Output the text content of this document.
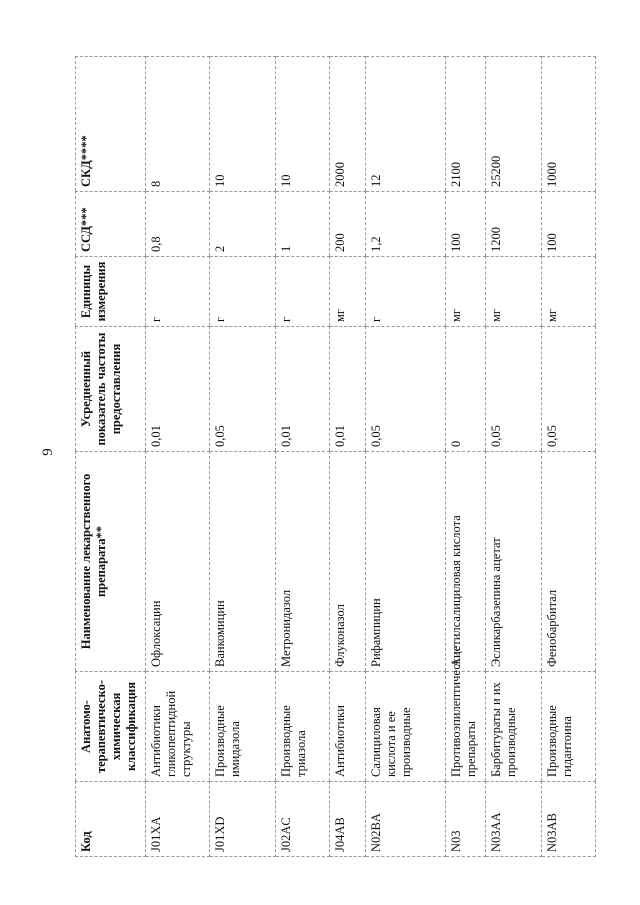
9
Код	Анатомо-терапевтическо-химическая классификация	Наименование лекарственного препарата**	Усредненный показатель частоты предоставления	Единицы измерения	ССД***	СКД****
J01XA	Антибиотики гликопептидной структуры	Офлоксацин	0,01	г	0,8	8
J01XD	Производные имидазола	Ванкомицин	0,05	г	2	10
J02AC	Производные триазола	Метронидазол	0,01	г	1	10
J04AB	Антибиотики	Флуконазол	0,01	мг	200	2000
N02BA	Салициловая кислота и ее производные	Рифампицин	0,05	г	1,2	12
N03	Противоэпилептические препараты	Ацетилсалициловая кислота	0	мг	100	2100
N03AA	Барбитураты и их производные	Эсликарбазепина ацетат	0,05	мг	1200	25200
N03AB	Производные гидантоина	Фенобарбитал	0,05	мг	100	1000
